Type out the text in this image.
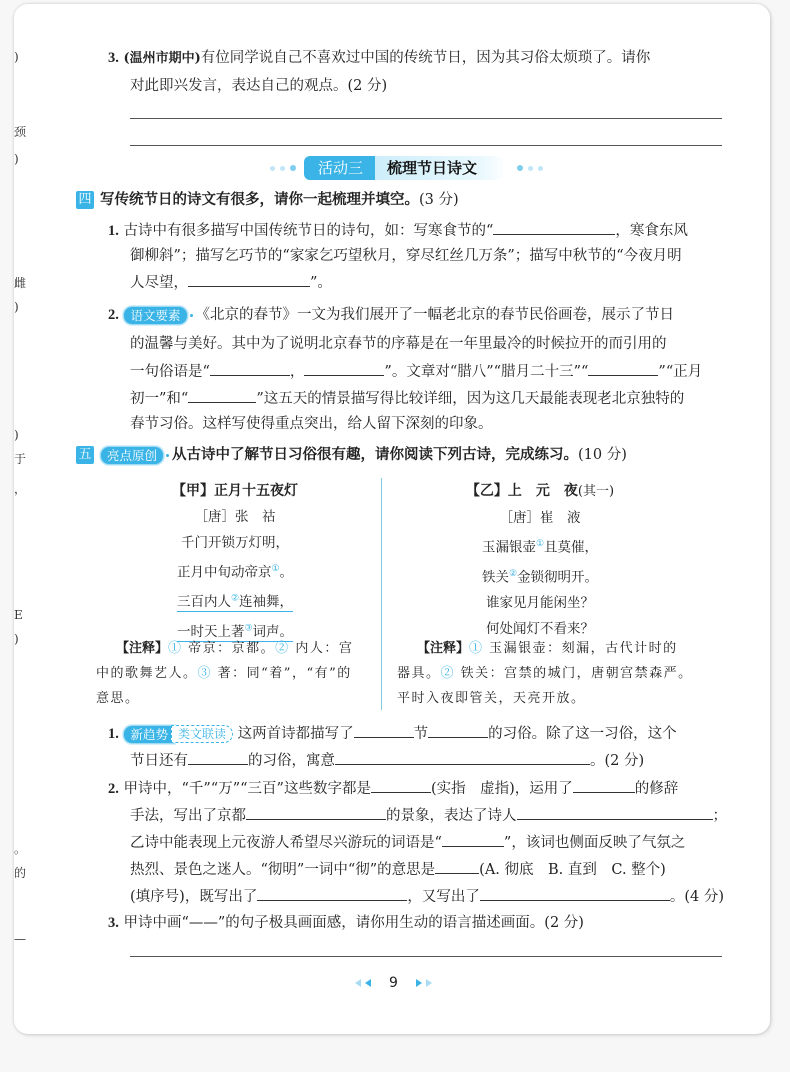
)
颈
)
雌
)
)
于
，
E
)
。
的
—
3. (温州市期中)有位同学说自己不喜欢过中国的传统节日，因为其习俗太烦琐了。请你
对此即兴发言，表达自己的观点。(2 分)
活动三	梳理节日诗文
四 写传统节日的诗文有很多，请你一起梳理并填空。(3 分)
1. 古诗中有很多描写中国传统节日的诗句，如：写寒食节的“	，寒食东风
御柳斜”；描写乞巧节的“家家乞巧望秋月，穿尽红丝几万条”；描写中秋节的“今夜月明
人尽望，	”。
2. 语文要素 《北京的春节》一文为我们展开了一幅老北京的春节民俗画卷，展示了节日
的温馨与美好。其中为了说明北京春节的序幕是在一年里最冷的时候拉开的而引用的
一句俗语是“	，	”。文章对“腊八”“腊月二十三”“	”“正月
初一”和“	”这五天的情景描写得比较详细，因为这几天最能表现老北京独特的
春节习俗。这样写使得重点突出，给人留下深刻的印象。
五 亮点原创 从古诗中了解节日习俗很有趣，请你阅读下列古诗，完成练习。(10 分)
【甲】正月十五夜灯
［唐］张　祜
千门开锁万灯明，
正月中旬动帝京①。
三百内人②连袖舞，
一时天上著③词声。
【注释】① 帝京：京都。② 内人：宫
中的歌舞艺人。③ 著：同“着”，“有”的
意思。
【乙】上　元　夜(其一)
［唐］崔　液
玉漏银壶①且莫催，
铁关②金锁彻明开。
谁家见月能闲坐？
何处闻灯不看来？
【注释】① 玉漏银壶：刻漏，古代计时的
器具。② 铁关：宫禁的城门，唐朝宫禁森严。
平时入夜即管关，天亮开放。
1. 新趋势 类文联读 这两首诗都描写了	节	的习俗。除了这一习俗，这个
节日还有	的习俗，寓意	。(2 分)
2. 甲诗中，“千”“万”“三百”这些数字都是	(实指　虚指)，运用了	的修辞
手法，写出了京都	的景象，表达了诗人	；
乙诗中能表现上元夜游人希望尽兴游玩的词语是“	”，该词也侧面反映了气氛之
热烈、景色之迷人。“彻明”一词中“彻”的意思是	(A. 彻底　B. 直到　C. 整个)
(填序号)，既写出了	，又写出了	。(4 分)
3. 甲诗中画“——”的句子极具画面感，请你用生动的语言描述画面。(2 分)
9
